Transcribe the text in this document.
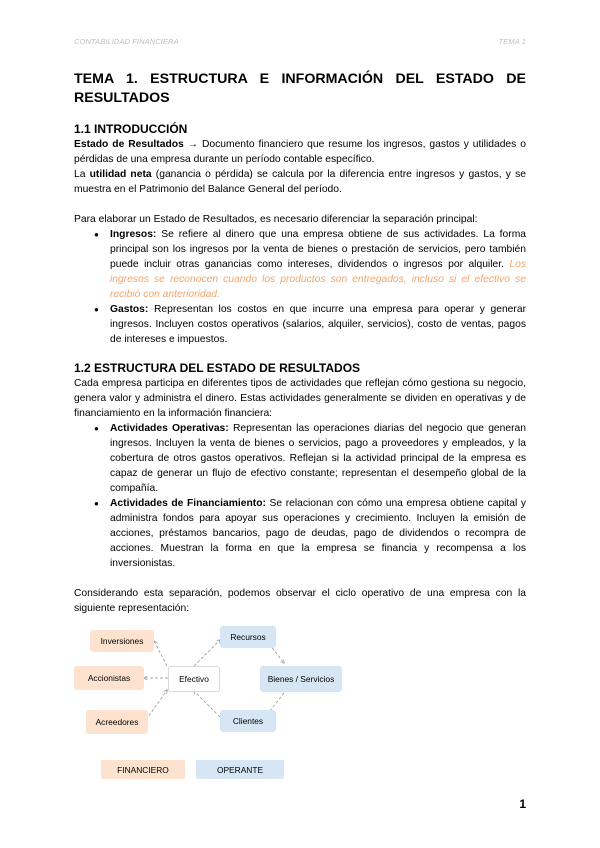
CONTABILIDAD FINANCIERA	TEMA 1
TEMA 1. ESTRUCTURA E INFORMACIÓN DEL ESTADO DE RESULTADOS
1.1 INTRODUCCIÓN

Estado de Resultados → Documento financiero que resume los ingresos, gastos y utilidades o pérdidas de una empresa durante un período contable específico.

La utilidad neta (ganancia o pérdida) se calcula por la diferencia entre ingresos y gastos, y se muestra en el Patrimonio del Balance General del período.

Para elaborar un Estado de Resultados, es necesario diferenciar la separación principal:

● Ingresos: Se refiere al dinero que una empresa obtiene de sus actividades. La forma principal son los ingresos por la venta de bienes o prestación de servicios, pero también puede incluir otras ganancias como intereses, dividendos o ingresos por alquiler. Los ingresos se reconocen cuando los productos son entregados, incluso si el efectivo se recibió con anterioridad.
● Gastos: Representan los costos en que incurre una empresa para operar y generar ingresos. Incluyen costos operativos (salarios, alquiler, servicios), costo de ventas, pagos de intereses e impuestos.
1.2 ESTRUCTURA DEL ESTADO DE RESULTADOS

Cada empresa participa en diferentes tipos de actividades que reflejan cómo gestiona su negocio, genera valor y administra el dinero. Estas actividades generalmente se dividen en operativas y de financiamiento en la información financiera:

● Actividades Operativas: Representan las operaciones diarias del negocio que generan ingresos. Incluyen la venta de bienes o servicios, pago a proveedores y empleados, y la cobertura de otros gastos operativos. Reflejan si la actividad principal de la empresa es capaz de generar un flujo de efectivo constante; representan el desempeño global de la compañía.
● Actividades de Financiamiento: Se relacionan con cómo una empresa obtiene capital y administra fondos para apoyar sus operaciones y crecimiento. Incluyen la emisión de acciones, préstamos bancarios, pago de deudas, pago de dividendos o recompra de acciones. Muestran la forma en que la empresa se financia y recompensa a los inversionistas.

Considerando esta separación, podemos observar el ciclo operativo de una empresa con la siguiente representación:

Inversiones
Accionistas
Acreedores
Efectivo
Recursos
Bienes / Servicios
Clientes
FINANCIERO	OPERANTE
1
